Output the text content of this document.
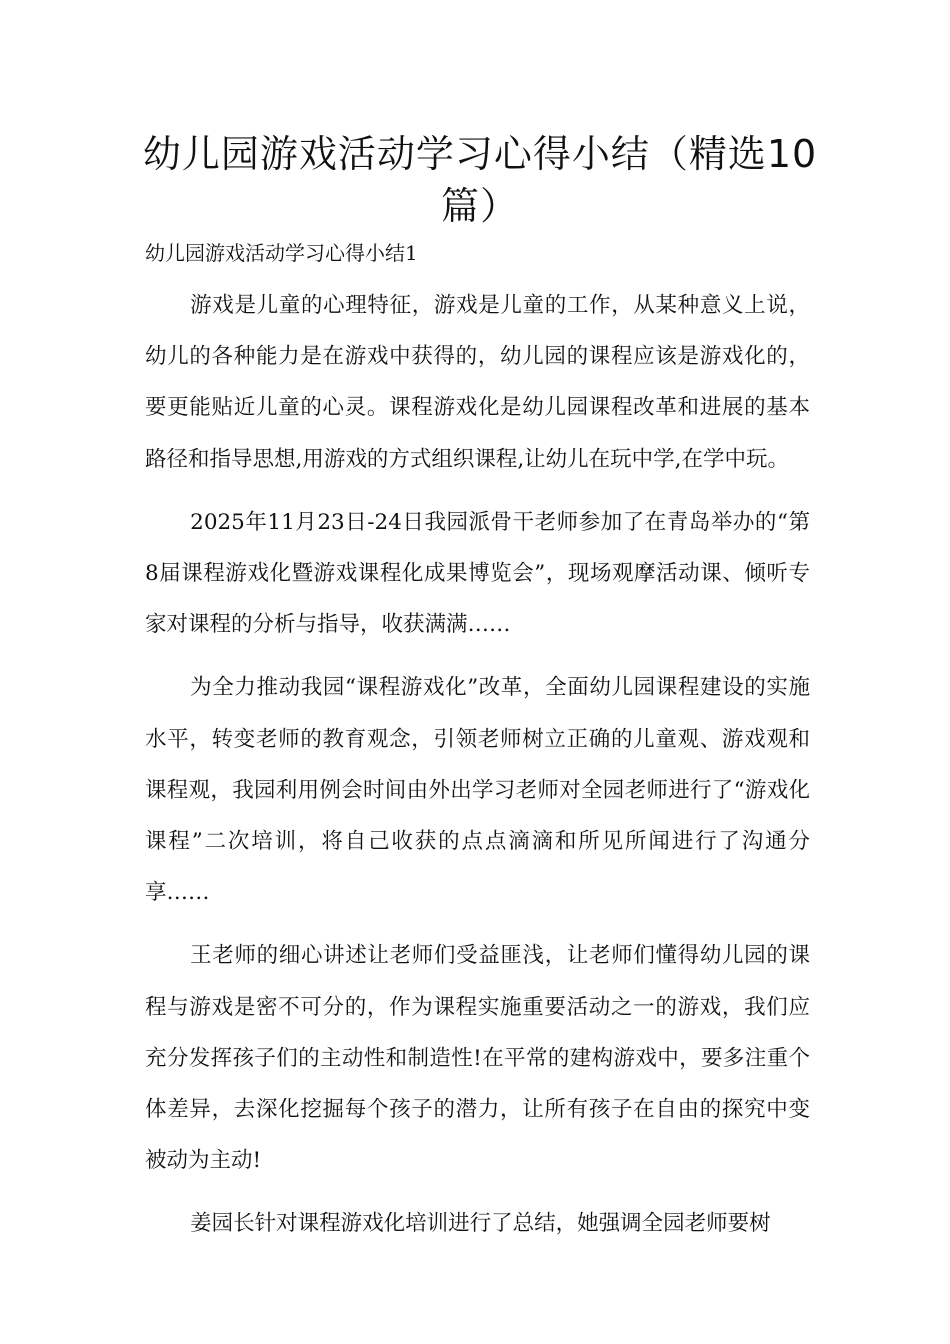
幼儿园游戏活动学习心得小结（精选10篇）
幼儿园游戏活动学习心得小结1

游戏是儿童的心理特征，游戏是儿童的工作，从某种意义上说，幼儿的各种能力是在游戏中获得的，幼儿园的课程应该是游戏化的，要更能贴近儿童的心灵。课程游戏化是幼儿园课程改革和进展的基本路径和指导思想,用游戏的方式组织课程,让幼儿在玩中学,在学中玩。

2025年11月23日-24日我园派骨干老师参加了在青岛举办的“第8届课程游戏化暨游戏课程化成果博览会”，现场观摩活动课、倾听专家对课程的分析与指导，收获满满……

为全力推动我园“课程游戏化”改革，全面幼儿园课程建设的实施水平，转变老师的教育观念，引领老师树立正确的儿童观、游戏观和课程观，我园利用例会时间由外出学习老师对全园老师进行了“游戏化课程”二次培训，将自己收获的点点滴滴和所见所闻进行了沟通分享……

王老师的细心讲述让老师们受益匪浅，让老师们懂得幼儿园的课程与游戏是密不可分的，作为课程实施重要活动之一的游戏，我们应充分发挥孩子们的主动性和制造性!在平常的建构游戏中，要多注重个体差异，去深化挖掘每个孩子的潜力，让所有孩子在自由的探究中变被动为主动!

姜园长针对课程游戏化培训进行了总结，她强调全园老师要树
